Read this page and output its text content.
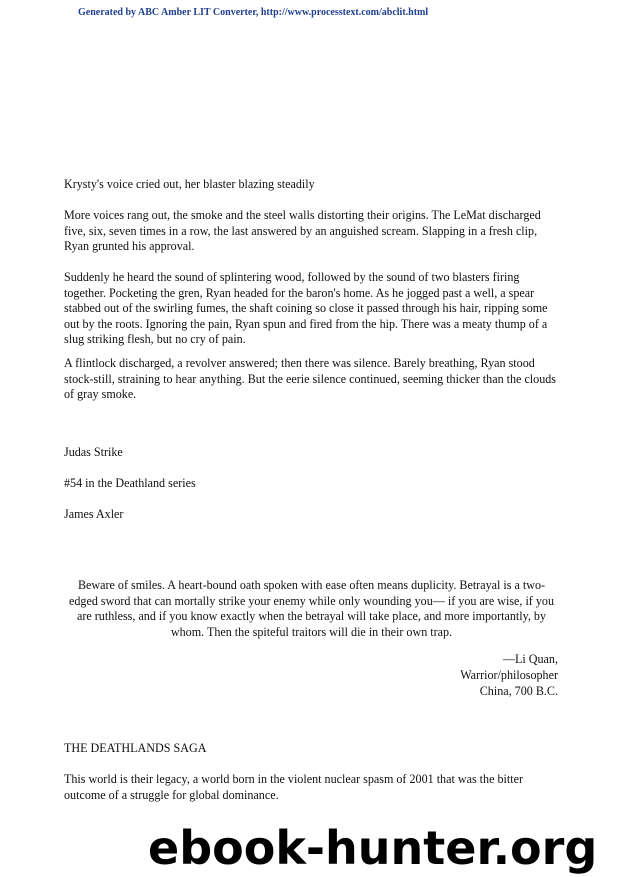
Generated by ABC Amber LIT Converter, http://www.processtext.com/abclit.html

Krysty's voice cried out, her blaster blazing steadily

More voices rang out, the smoke and the steel walls distorting their origins. The LeMat discharged five, six, seven times in a row, the last answered by an anguished scream. Slapping in a fresh clip, Ryan grunted his approval.

Suddenly he heard the sound of splintering wood, followed by the sound of two blasters firing together. Pocketing the gren, Ryan headed for the baron's home. As he jogged past a well, a spear stabbed out of the swirling fumes, the shaft coining so close it passed through his hair, ripping some out by the roots. Ignoring the pain, Ryan spun and fired from the hip. There was a meaty thump of a slug striking flesh, but no cry of pain.

A flintlock discharged, a revolver answered; then there was silence. Barely breathing, Ryan stood stock-still, straining to hear anything. But the eerie silence continued, seeming thicker than the clouds of gray smoke.

Judas Strike
#54 in the Deathland series
James Axler

Beware of smiles. A heart-bound oath spoken with ease often means duplicity. Betrayal is a two-edged sword that can mortally strike your enemy while only wounding you— if you are wise, if you are ruthless, and if you know exactly when the betrayal will take place, and more importantly, by whom. Then the spiteful traitors will die in their own trap.

—Li Quan,
Warrior/philosopher
China, 700 B.C.
THE DEATHLANDS SAGA

This world is their legacy, a world born in the violent nuclear spasm of 2001 that was the bitter outcome of a struggle for global dominance.

ebook-hunter.org
